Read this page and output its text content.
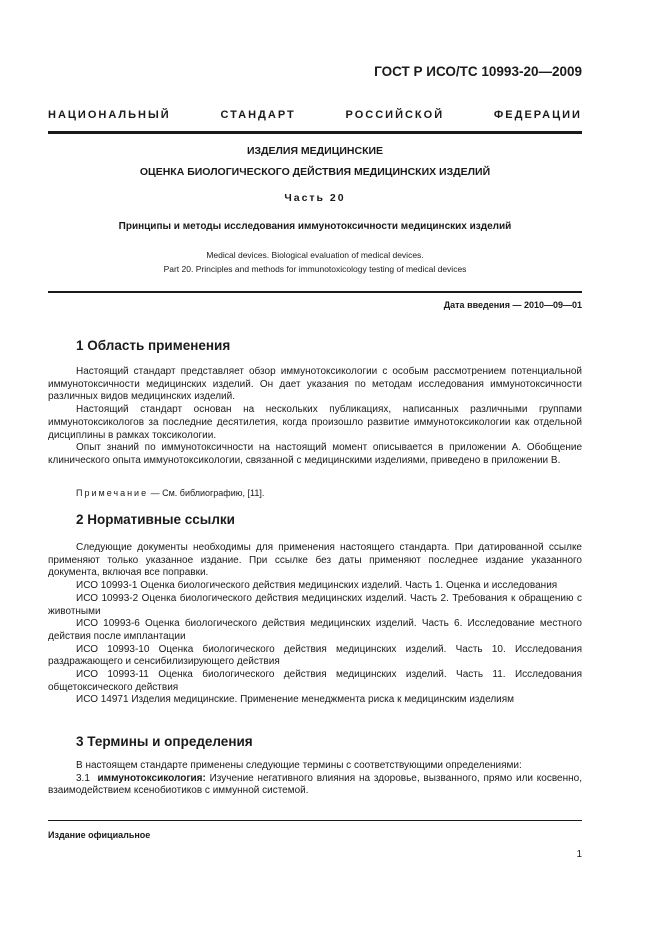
ГОСТ Р ИСО/ТС 10993-20—2009
НАЦИОНАЛЬНЫЙ	СТАНДАРТ	РОССИЙСКОЙ	ФЕДЕРАЦИИ
ИЗДЕЛИЯ МЕДИЦИНСКИЕ
ОЦЕНКА БИОЛОГИЧЕСКОГО ДЕЙСТВИЯ МЕДИЦИНСКИХ ИЗДЕЛИЙ
Часть 20
Принципы и методы исследования иммунотоксичности медицинских изделий
Medical devices. Biological evaluation of medical devices.
Part 20. Principles and methods for immunotoxicology testing of medical devices
Дата введения — 2010—09—01
1 Область применения

Настоящий стандарт представляет обзор иммунотоксикологии с особым рассмотрением потенциальной иммунотоксичности медицинских изделий. Он дает указания по методам исследования иммунотоксичности различных видов медицинских изделий.

Настоящий стандарт основан на нескольких публикациях, написанных различными группами иммунотоксикологов за последние десятилетия, когда произошло развитие иммунотоксикологии как отдельной дисциплины в рамках токсикологии.

Опыт знаний по иммунотоксичности на настоящий момент описывается в приложении А. Обобщение клинического опыта иммунотоксикологии, связанной с медицинскими изделиями, приведено в приложении В.

Примечание — См. библиографию, [11].
2 Нормативные ссылки

Следующие документы необходимы для применения настоящего стандарта. При датированной ссылке применяют только указанное издание. При ссылке без даты применяют последнее издание указанного документа, включая все поправки.

ИСО 10993-1 Оценка биологического действия медицинских изделий. Часть 1. Оценка и исследования

ИСО 10993-2 Оценка биологического действия медицинских изделий. Часть 2. Требования к обращению с животными

ИСО 10993-6 Оценка биологического действия медицинских изделий. Часть 6. Исследование местного действия после имплантации

ИСО 10993-10 Оценка биологического действия медицинских изделий. Часть 10. Исследования раздражающего и сенсибилизирующего действия

ИСО 10993-11 Оценка биологического действия медицинских изделий. Часть 11. Исследования общетоксического действия

ИСО 14971 Изделия медицинские. Применение менеджмента риска к медицинским изделиям

3 Термины и определения

В настоящем стандарте применены следующие термины с соответствующими определениями:

3.1 иммунотоксикология: Изучение негативного влияния на здоровье, вызванного, прямо или косвенно, взаимодействием ксенобиотиков с иммунной системой.

Издание официальное
1
